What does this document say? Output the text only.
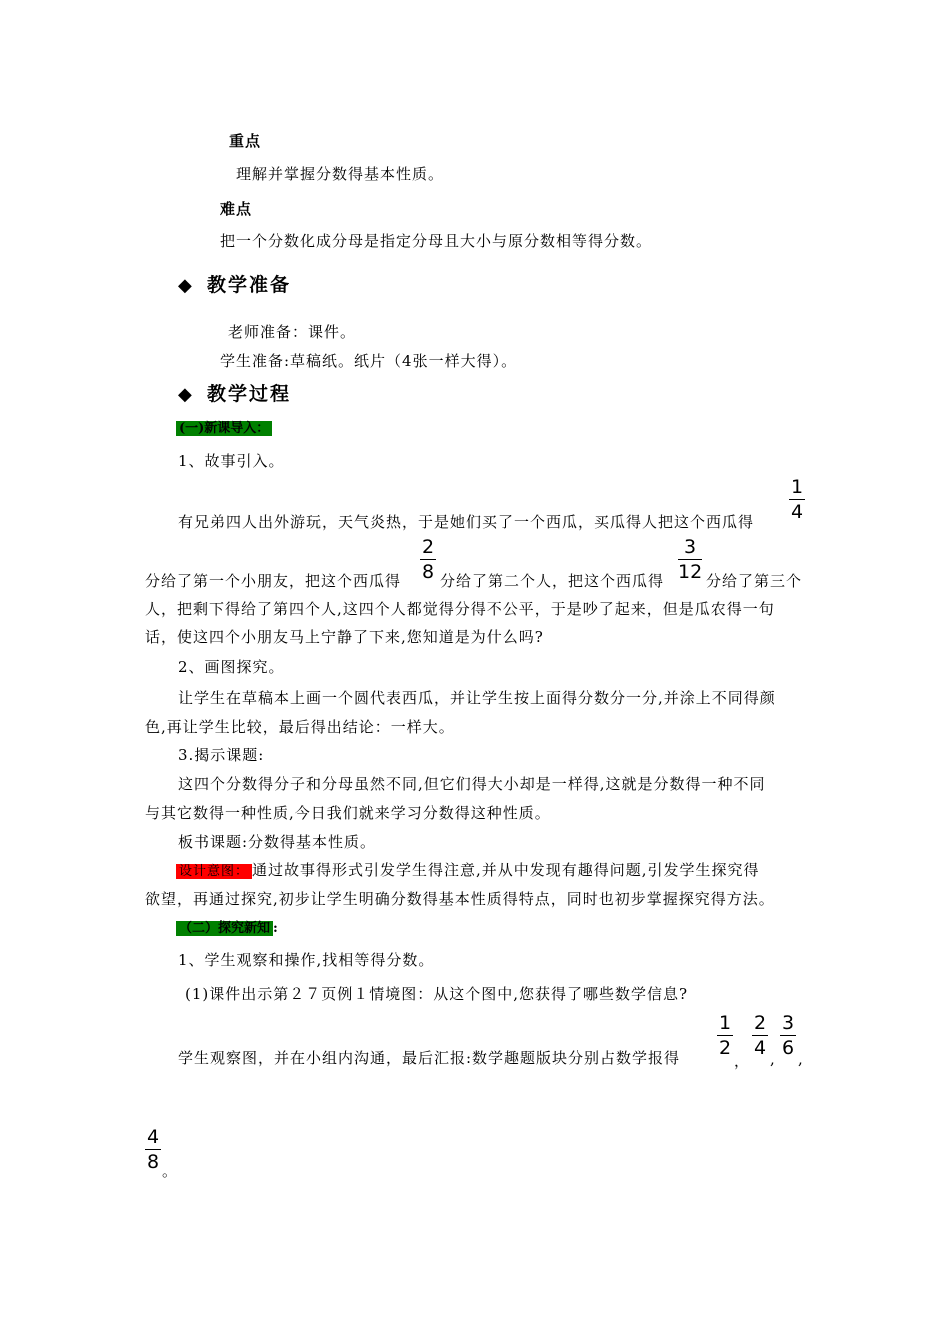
重点
理解并掌握分数得基本性质。
难点
把一个分数化成分母是指定分母且大小与原分数相等得分数。
◆ 教学准备
老师准备：课件。
学生准备:草稿纸。纸片（4张一样大得）。
◆ 教学过程
(一)新课导入：
1、故事引入。
有兄弟四人出外游玩，天气炎热，于是她们买了一个西瓜，买瓜得人把这个西瓜得
1
4
分给了第一个小朋友，把这个西瓜得
2
8 分给了第二个人，把这个西瓜得
3
12 分给了第三个
人，把剩下得给了第四个人,这四个人都觉得分得不公平，于是吵了起来，但是瓜农得一句
话，使这四个小朋友马上宁静了下来,您知道是为什么吗?
2、画图探究。
让学生在草稿本上画一个圆代表西瓜，并让学生按上面得分数分一分,并涂上不同得颜
色,再让学生比较，最后得出结论：一样大。
3.揭示课题:
这四个分数得分子和分母虽然不同,但它们得大小却是一样得,这就是分数得一种不同
与其它数得一种性质,今日我们就来学习分数得这种性质。
板书课题:分数得基本性质。
设计意图： 通过故事得形式引发学生得注意,并从中发现有趣得问题,引发学生探究得
欲望，再通过探究,初步让学生明确分数得基本性质得特点，同时也初步掌握探究得方法。
（二）探究新知 :
1、学生观察和操作,找相等得分数。
(1)课件出示第２７页例１情境图：从这个图中,您获得了哪些数学信息?
学生观察图，并在小组内沟通，最后汇报:数学趣题版块分别占数学报得
1
2
，
2
4 ,
3
6 ,
4
8 。
